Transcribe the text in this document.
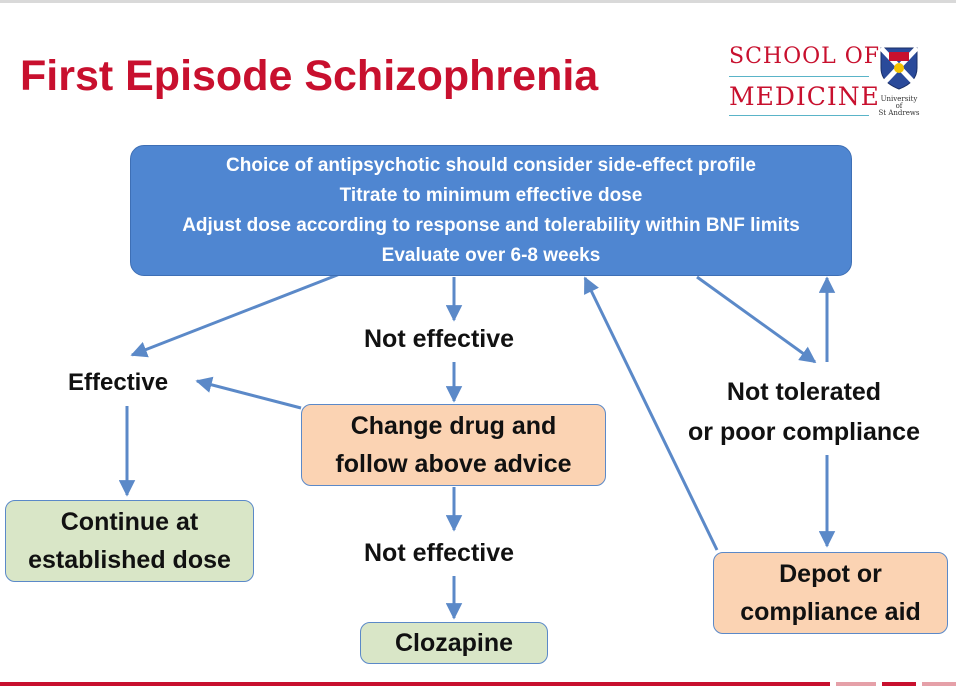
First Episode Schizophrenia	SCHOOL OF
MEDICINE University
of
St Andrews
Choice of antipsychotic should consider side-effect profile
Titrate to minimum effective dose
Adjust dose according to response and tolerability within BNF limits
Evaluate over 6-8 weeks
Effective
Not effective
Not effective
Not tolerated
or poor compliance
Change drug and
follow above advice
Continue at
established dose
Clozapine
Depot or
compliance aid
